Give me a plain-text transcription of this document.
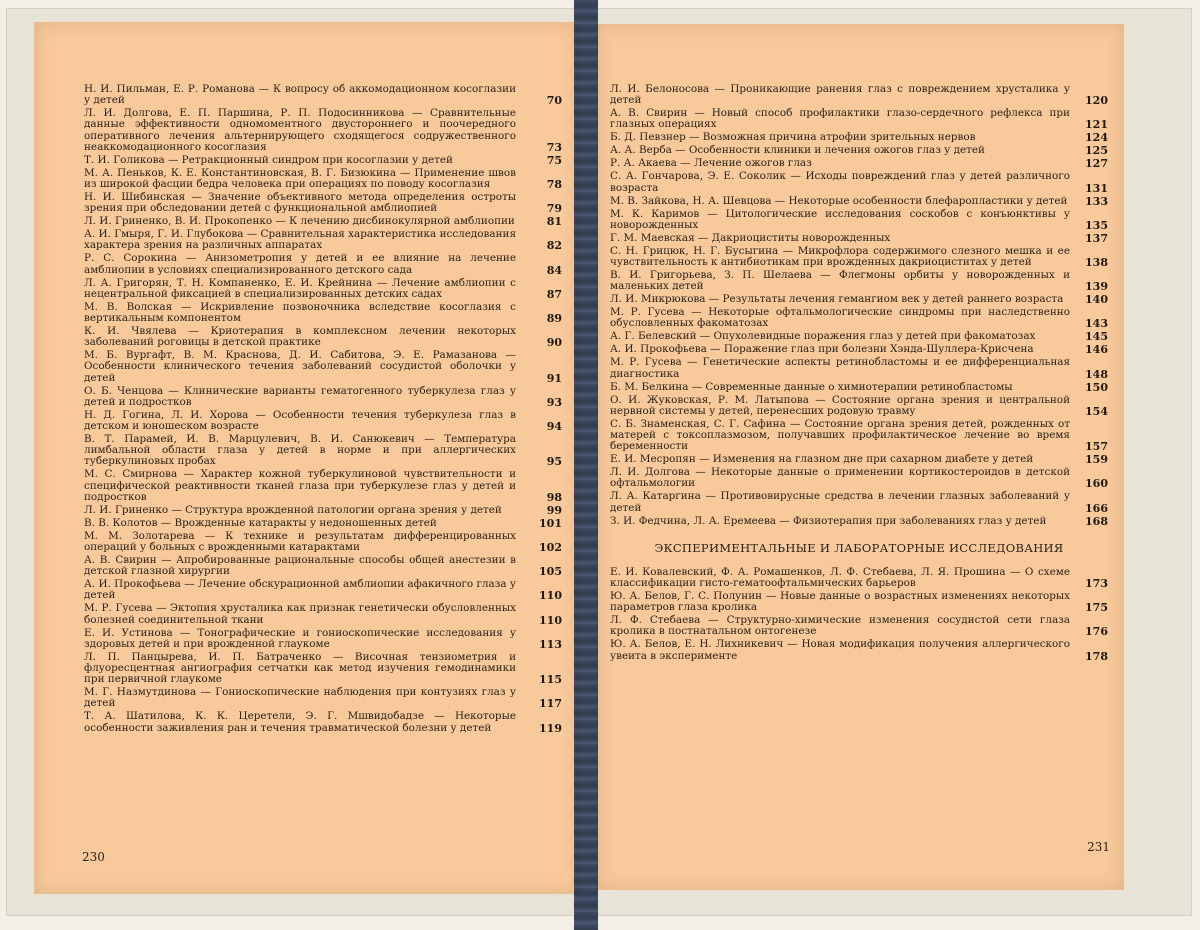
Н. И. Пильман, Е. Р. Романова — К вопросу об аккомодационном косоглазии у детей	70
Л. И. Долгова, Е. П. Паршина, Р. П. Подосинникова — Сравнительные данные эффективности одномоментного двустороннего и поочередного оперативного лечения альтернирующего сходящегося содружественного неаккомодационного косоглазия	73
Т. И. Голикова — Ретракционный синдром при косоглазии у детей	75
М. А. Пеньков, К. Е. Константиновская, В. Г. Бизюкина — Применение швов из широкой фасции бедра человека при операциях по поводу косоглазия	78
Н. И. Шибинская — Значение объективного метода определения остроты зрения при обследовании детей с функциональной амблиопией	79
Л. И. Гриненко, В. И. Прокопенко — К лечению дисбинокулярной амблиопии	81
А. И. Гмыря, Г. И. Глубокова — Сравнительная характеристика исследования характера зрения на различных аппаратах	82
Р. С. Сорокина — Анизометропия у детей и ее влияние на лечение амблиопии в условиях специализированного детского сада	84
Л. А. Григорян, Т. Н. Компаненко, Е. И. Крейнина — Лечение амблиопии с нецентральной фиксацией в специализированных детских садах	87
М. В. Волская — Искривление позвоночника вследствие косоглазия с вертикальным компонентом	89
К. И. Чвялева — Криотерапия в комплексном лечении некоторых заболеваний роговицы в детской практике	90
М. Б. Вургафт, В. М. Краснова, Д. И. Сабитова, Э. Е. Рамазанова — Особенности клинического течения заболеваний сосудистой оболочки у детей	91
О. Б. Ченцова — Клинические варианты гематогенного туберкулеза глаз у детей и подростков	93
Н. Д. Гогина, Л. И. Хорова — Особенности течения туберкулеза глаз в детском и юношеском возрасте	94
В. Т. Парамей, И. В. Марцулевич, В. И. Санюкевич — Температура лимбальной области глаза у детей в норме и при аллергических туберкулиновых пробах	95
М. С. Смирнова — Характер кожной туберкулиновой чувствительности и специфической реактивности тканей глаза при туберкулезе глаз у детей и подростков	98
Л. И. Гриненко — Структура врожденной патологии органа зрения у детей	99
В. В. Колотов — Врожденные катаракты у недоношенных детей	101
М. М. Золотарева — К технике и результатам дифференцированных операций у больных с врожденными катарактами	102
А. В. Свирин — Апробированные рациональные способы общей анестезии в детской глазной хирургии	105
А. И. Прокофьева — Лечение обскурационной амблиопии афакичного глаза у детей	110
М. Р. Гусева — Эктопия хрусталика как признак генетически обусловленных болезней соединительной ткани	110
Е. И. Устинова — Тонографические и гониоскопические исследования у здоровых детей и при врожденной глаукоме	113
Л. П. Панцырева, И. П. Батраченко — Височная тензиометрия и флуоресцентная ангиография сетчатки как метод изучения гемодинамики при первичной глаукоме	115
М. Г. Назмутдинова — Гониоскопические наблюдения при контузиях глаз у детей	117
Т. А. Шатилова, К. К. Церетели, Э. Г. Мшвидобадзе — Некоторые особенности заживления ран и течения травматической болезни у детей	119
230
Л. И. Белоносова — Проникающие ранения глаз с повреждением хрусталика у детей	120
А. В. Свирин — Новый способ профилактики глазо-сердечного рефлекса при глазных операциях	121
Б. Д. Певзнер — Возможная причина атрофии зрительных нервов	124
А. А. Верба — Особенности клиники и лечения ожогов глаз у детей	125
Р. А. Акаева — Лечение ожогов глаз	127
С. А. Гончарова, Э. Е. Соколик — Исходы повреждений глаз у детей различного возраста	131
М. В. Зайкова, Н. А. Шевцова — Некоторые особенности блефаропластики у детей 133
М. К. Каримов — Цитологические исследования соскобов с конъюнктивы у новорожденных	135
Г. М. Маевская — Дакриоциститы новорожденных	137
С. Н. Грицюк, Н. Г. Бусыгина — Микрофлора содержимого слезного мешка и ее чувствительность к антибиотикам при врожденных дакриоциститах у детей	138
В. И. Григорьева, З. П. Шелаева — Флегмоны орбиты у новорожденных и маленьких детей	139
Л. И. Микрюкова — Результаты лечения гемангиом век у детей раннего возраста	140
М. Р. Гусева — Некоторые офтальмологические синдромы при наследственно обусловленных факоматозах	143
А. Г. Белевский — Опухолевидные поражения глаз у детей при факоматозах	145
А. И. Прокофьева — Поражение глаз при болезни Хэнда-Шуллера-Крисчена	146
М. Р. Гусева — Генетические аспекты ретинобластомы и ее дифференциальная диагностика	148
Б. М. Белкина — Современные данные о химиотерапии ретинобластомы	150
О. И. Жуковская, Р. М. Латыпова — Состояние органа зрения и центральной нервной системы у детей, перенесших родовую травму	154
С. Б. Знаменская, С. Г. Сафина — Состояние органа зрения детей, рожденных от матерей с токсоплазмозом, получавших профилактическое лечение во время беременности	157
Е. И. Месропян — Изменения на глазном дне при сахарном диабете у детей	159
Л. И. Долгова — Некоторые данные о применении кортикостероидов в детской офтальмологии	160
Л. А. Катаргина — Противовирусные средства в лечении глазных заболеваний у детей	166
З. И. Федчина, Л. А. Еремеева — Физиотерапия при заболеваниях глаз у детей	168
ЭКСПЕРИМЕНТАЛЬНЫЕ И ЛАБОРАТОРНЫЕ ИССЛЕДОВАНИЯ
Е. И. Ковалевский, Ф. А. Ромашенков, Л. Ф. Стебаева, Л. Я. Прошина — О схеме классификации гисто-гематоофтальмических барьеров	173
Ю. А. Белов, Г. С. Полунин — Новые данные о возрастных изменениях некоторых параметров глаза кролика	175
Л. Ф. Стебаева — Структурно-химические изменения сосудистой сети глаза кролика в постнатальном онтогенезе	176
Ю. А. Белов, Е. Н. Лихникевич — Новая модификация получения аллергического увеита в эксперименте	178
231
